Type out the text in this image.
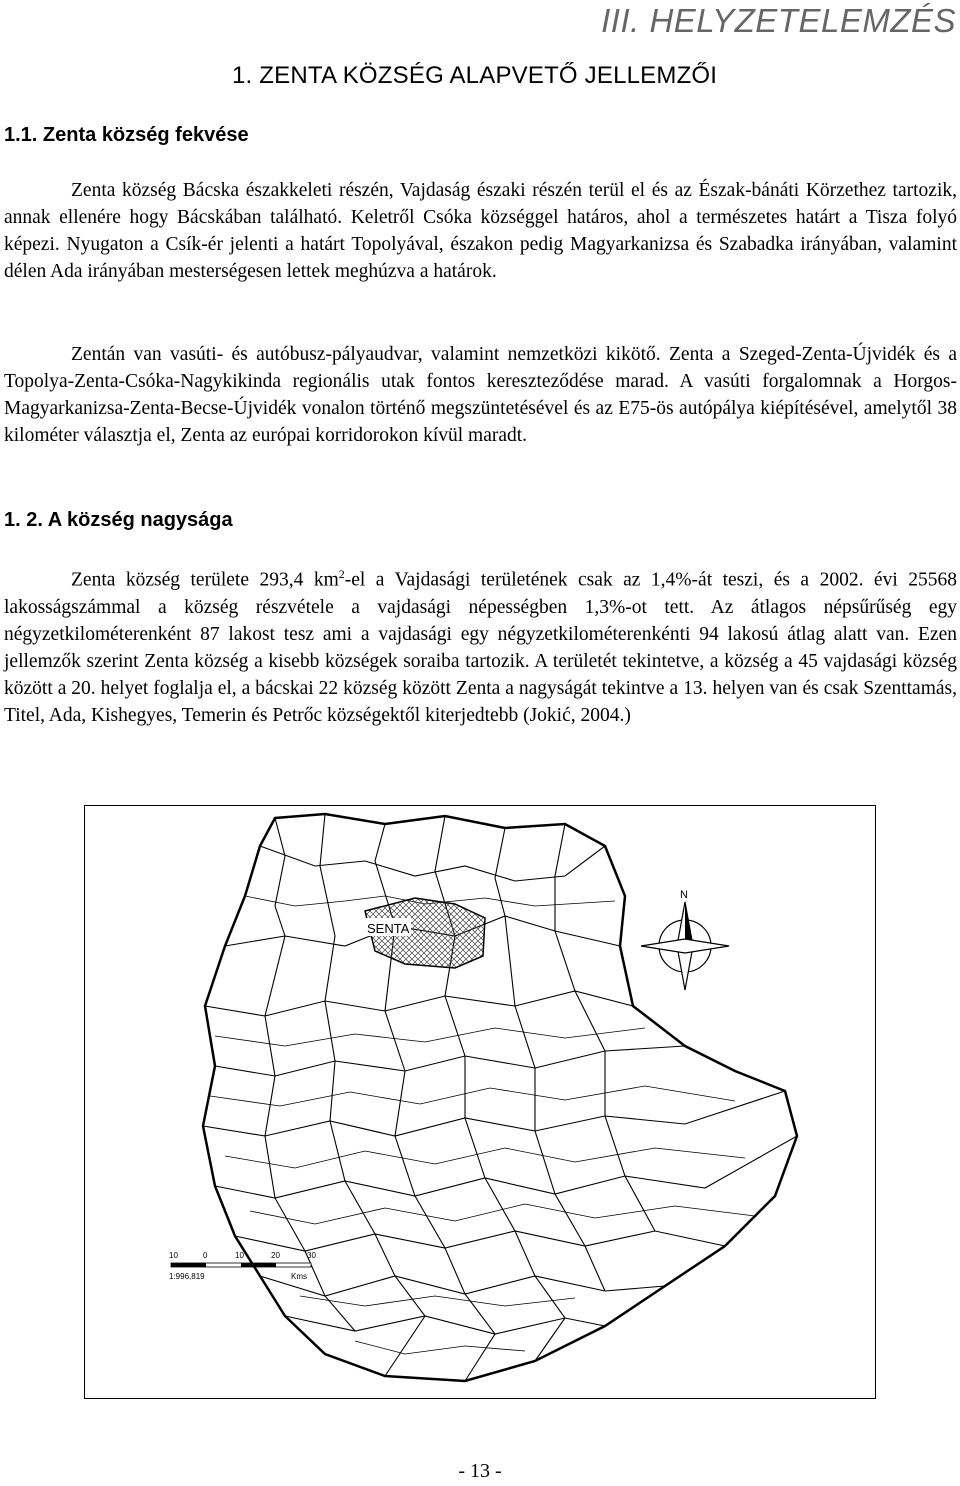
III. HELYZETELEMZÉS
1. ZENTA KÖZSÉG ALAPVETŐ JELLEMZŐI
1.1. Zenta község fekvése
Zenta község Bácska északkeleti részén, Vajdaság északi részén terül el és az Észak-bánáti Körzethez tartozik, annak ellenére hogy Bácskában található. Keletről Csóka községgel határos, ahol a természetes határt a Tisza folyó képezi. Nyugaton a Csík-ér jelenti a határt Topolyával, északon pedig Magyarkanizsa és Szabadka irányában, valamint délen Ada irányában mesterségesen lettek meghúzva a határok.
Zentán van vasúti- és autóbusz-pályaudvar, valamint nemzetközi kikötő. Zenta a Szeged-Zenta-Újvidék és a Topolya-Zenta-Csóka-Nagykikinda regionális utak fontos kereszteződése marad. A vasúti forgalomnak a Horgos-Magyarkanizsa-Zenta-Becse-Újvidék vonalon történő megszüntetésével és az E75-ös autópálya kiépítésével, amelytől 38 kilométer választja el, Zenta az európai korridorokon kívül maradt.
1. 2. A község nagysága
Zenta község területe 293,4 $km^2-el$ a Vajdasági területének csak az 1,4%-át teszi, és a 2002. évi 25568 lakosságszámmal a község részvétele a vajdasági népességben 1,3%-ot tett. Az átlagos népsűrűség egy négyzetkilométerenként 87 lakost tesz ami a vajdasági egy négyzetkilométerenkénti 94 lakosú átlag alatt van. Ezen jellemzők szerint Zenta község a kisebb községek soraiba tartozik. A területét tekintetve, a község a 45 vajdasági község között a 20. helyet foglalja el, a bácskai 22 község között Zenta a nagyságát tekintve a 13. helyen van és csak Szenttamás, Titel, Ada, Kishegyes, Temerin és Petrőc községektől kiterjedtebb (Jokić, 2004.)
SENTA
N
10	0	10	20	30
1:996,819	Kms
- 13 -
